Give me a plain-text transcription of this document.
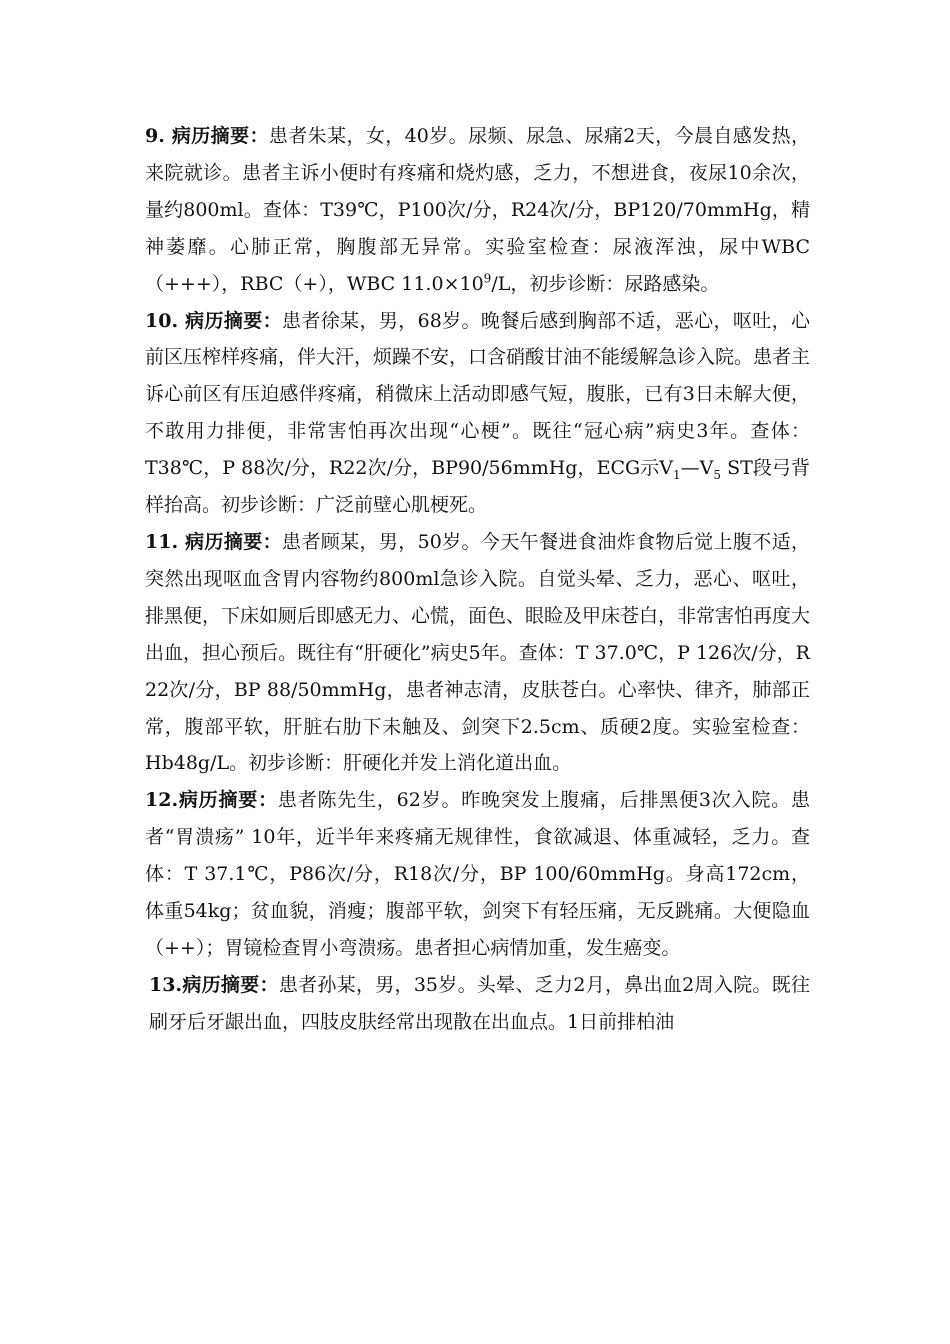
9. 病历摘要：患者朱某，女，40岁。尿频、尿急、尿痛2天，今晨自感发热，来院就诊。患者主诉小便时有疼痛和烧灼感，乏力，不想进食，夜尿10余次，量约800ml。查体：T39℃，P100次/分，R24次/分，BP120/70mmHg，精神萎靡。心肺正常，胸腹部无异常。实验室检查：尿液浑浊，尿中WBC（+++），RBC（+），WBC $11.0\times 10^9/L$，初步诊断：尿路感染。

10. 病历摘要：患者徐某，男，68岁。晚餐后感到胸部不适，恶心，呕吐，心前区压榨样疼痛，伴大汗，烦躁不安，口含硝酸甘油不能缓解急诊入院。患者主诉心前区有压迫感伴疼痛，稍微床上活动即感气短，腹胀，已有3日未解大便，不敢用力排便，非常害怕再次出现“心梗”。既往“冠心病”病史3年。查体：T38℃，P 88次/分，R22次/分，BP90/56mmHg，ECG示$V_1—V_5$ ST段弓背样抬高。初步诊断：广泛前壁心肌梗死。

11. 病历摘要：患者顾某，男，50岁。今天午餐进食油炸食物后觉上腹不适，突然出现呕血含胃内容物约800ml急诊入院。自觉头晕、乏力，恶心、呕吐，排黑便，下床如厕后即感无力、心慌，面色、眼睑及甲床苍白，非常害怕再度大出血，担心预后。既往有“肝硬化”病史5年。查体：T 37.0℃，P 126次/分，R 22次/分，BP 88/50mmHg，患者神志清，皮肤苍白。心率快、律齐，肺部正常，腹部平软，肝脏右肋下未触及、剑突下2.5cm、质硬2度。实验室检查：Hb48g/L。初步诊断：肝硬化并发上消化道出血。

12.病历摘要：患者陈先生，62岁。昨晚突发上腹痛，后排黑便3次入院。患者“胃溃疡” 10年，近半年来疼痛无规律性，食欲减退、体重减轻，乏力。查体：T 37.1℃，P86次/分，R18次/分，BP 100/60mmHg。身高172cm，体重54kg；贫血貌，消瘦；腹部平软，剑突下有轻压痛，无反跳痛。大便隐血（++）；胃镜检查胃小弯溃疡。患者担心病情加重，发生癌变。

13.病历摘要：患者孙某，男，35岁。头晕、乏力2月，鼻出血2周入院。既往刷牙后牙龈出血，四肢皮肤经常出现散在出血点。1日前排柏油
